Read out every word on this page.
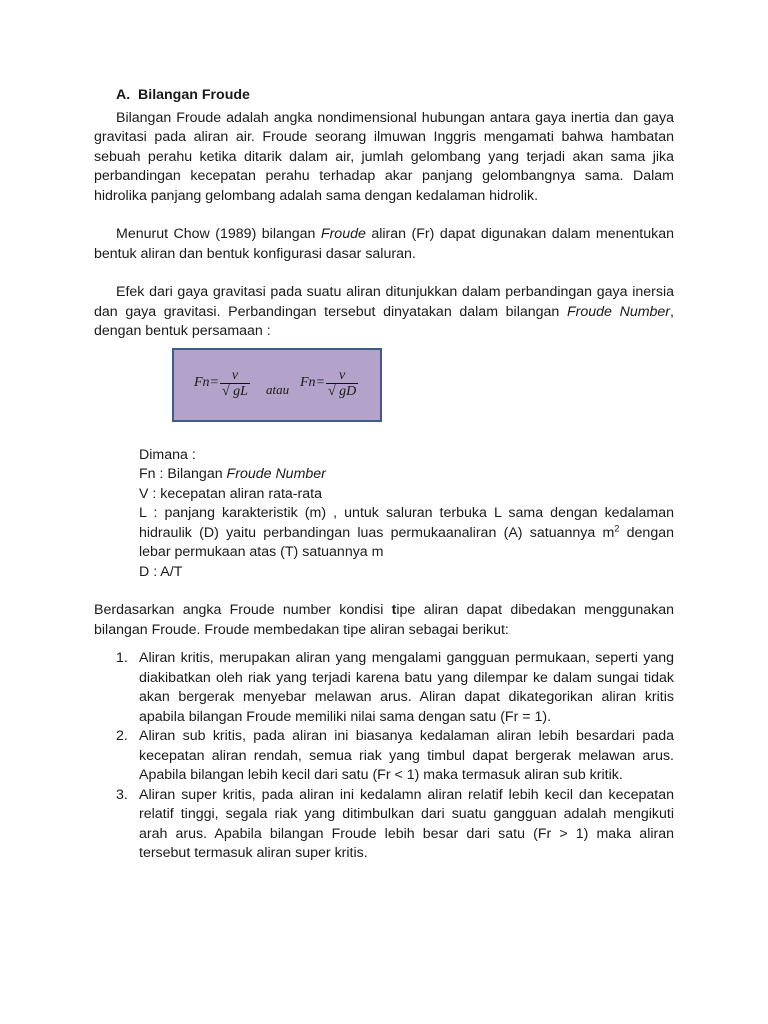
A. Bilangan Froude

Bilangan Froude adalah angka nondimensional hubungan antara gaya inertia dan gaya gravitasi pada aliran air. Froude seorang ilmuwan Inggris mengamati bahwa hambatan sebuah perahu ketika ditarik dalam air, jumlah gelombang yang terjadi akan sama jika perbandingan kecepatan perahu terhadap akar panjang gelombangnya sama. Dalam hidrolika panjang gelombang adalah sama dengan kedalaman hidrolik.

Menurut Chow (1989) bilangan Froude aliran (Fr) dapat digunakan dalam menentukan bentuk aliran dan bentuk konfigurasi dasar saluran.

Efek dari gaya gravitasi pada suatu aliran ditunjukkan dalam perbandingan gaya inersia dan gaya gravitasi. Perbandingan tersebut dinyatakan dalam bilangan Froude Number, dengan bentuk persamaan :

$Fn= \frac{v}{√ gL}$ atau $Fn= \frac{v}{√ gD}$
Dimana :
Fn : Bilangan Froude Number
V : kecepatan aliran rata-rata
L : panjang karakteristik (m) , untuk saluran terbuka L sama dengan kedalaman hidraulik (D) yaitu perbandingan luas permukaanaliran (A) satuannya $m^2$ dengan lebar permukaan atas (T) satuannya m
D : A/T

Berdasarkan angka Froude number kondisi tipe aliran dapat dibedakan menggunakan bilangan Froude. Froude membedakan tipe aliran sebagai berikut:

1. Aliran kritis, merupakan aliran yang mengalami gangguan permukaan, seperti yang diakibatkan oleh riak yang terjadi karena batu yang dilempar ke dalam sungai tidak akan bergerak menyebar melawan arus. Aliran dapat dikategorikan aliran kritis apabila bilangan Froude memiliki nilai sama dengan satu (Fr = 1).
2. Aliran sub kritis, pada aliran ini biasanya kedalaman aliran lebih besardari pada kecepatan aliran rendah, semua riak yang timbul dapat bergerak melawan arus. Apabila bilangan lebih kecil dari satu (Fr < 1) maka termasuk aliran sub kritik.
3. Aliran super kritis, pada aliran ini kedalamn aliran relatif lebih kecil dan kecepatan relatif tinggi, segala riak yang ditimbulkan dari suatu gangguan adalah mengikuti arah arus. Apabila bilangan Froude lebih besar dari satu (Fr > 1) maka aliran tersebut termasuk aliran super kritis.
